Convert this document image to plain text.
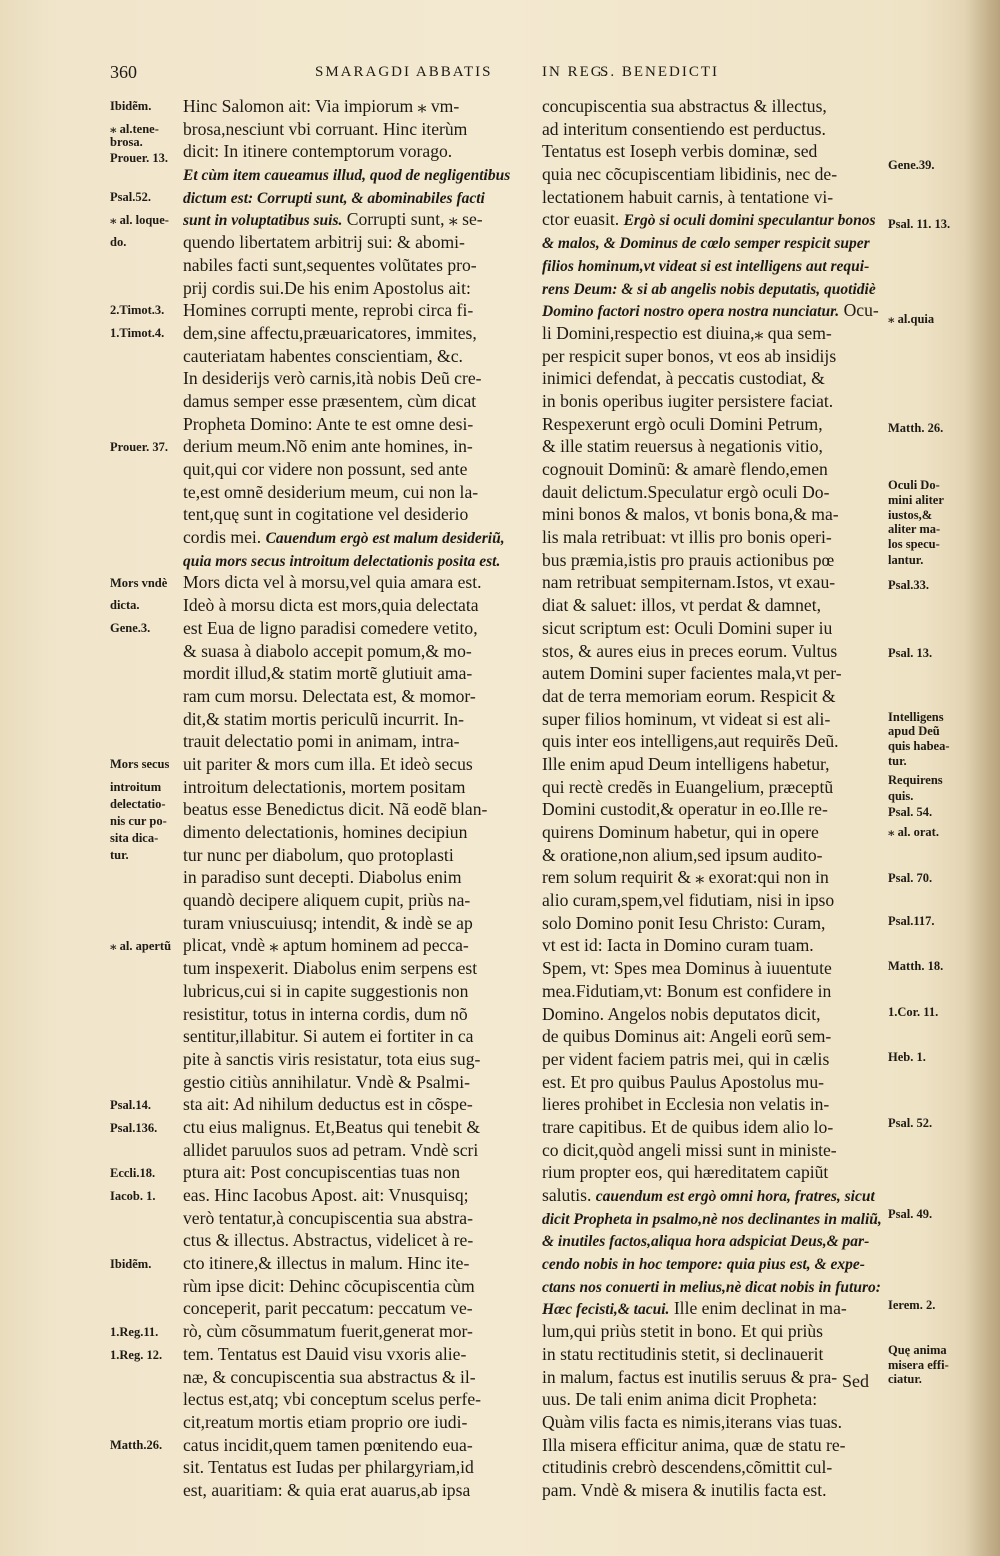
360	SMARAGDI ABBATIS	IN REG.
S. BENEDICTI
Ibidẽm.
⁎ al.tene-
brosa.
Prouer. 13.
Psal.52.
⁎ al. loque-
do.
2.Timot.3.
1.Timot.4.
Prouer. 37.
Mors vndè
dicta.
Gene.3.
Mors secus
introitum
delectatio-
nis cur po-
sita dica-
tur.
⁎ al. apertũ
Psal.14.
Psal.136.
Eccli.18.
Iacob. 1.
Ibidẽm.
1.Reg.11.
1.Reg. 12.
Matth.26.
Hinc Salomon ait: Via impiorum ⁎ vm-
brosa,nesciunt vbi corruant. Hinc iterùm
dicit: In itinere contemptorum vorago.
Et cùm item caueamus illud, quod de negligentibus
dictum est: Corrupti sunt, & abominabiles facti
sunt in voluptatibus suis. Corrupti sunt, ⁎ se-
quendo libertatem arbitrij sui: & abomi-
nabiles facti sunt,sequentes volũtates pro-
prij cordis sui.De his enim Apostolus ait:
Homines corrupti mente, reprobi circa fi-
dem,sine affectu,præuaricatores, immites,
cauteriatam habentes conscientiam, &c.
In desiderijs verò carnis,ità nobis Deũ cre-
damus semper esse præsentem, cùm dicat
Propheta Domino: Ante te est omne desi-
derium meum.Nõ enim ante homines, in-
quit,qui cor videre non possunt, sed ante
te,est omnẽ desiderium meum, cui non la-
tent,quę sunt in cogitatione vel desiderio
cordis mei. Cauendum ergò est malum desideriũ,
quia mors secus introitum delectationis posita est.
Mors dicta vel à morsu,vel quia amara est.
Ideò à morsu dicta est mors,quia delectata
est Eua de ligno paradisi comedere vetito,
& suasa à diabolo accepit pomum,& mo-
mordit illud,& statim mortẽ glutiuit ama-
ram cum morsu. Delectata est, & momor-
dit,& statim mortis periculũ incurrit. In-
trauit delectatio pomi in animam, intra-
uit pariter & mors cum illa. Et ideò secus
introitum delectationis, mortem positam
beatus esse Benedictus dicit. Nã eodẽ blan-
dimento delectationis, homines decipiun
tur nunc per diabolum, quo protoplasti
in paradiso sunt decepti. Diabolus enim
quandò decipere aliquem cupit, priùs na-
turam vniuscuiusq; intendit, & indè se ap
plicat, vndè ⁎ aptum hominem ad pecca-
tum inspexerit. Diabolus enim serpens est
lubricus,cui si in capite suggestionis non
resistitur, totus in interna cordis, dum nõ
sentitur,illabitur. Si autem ei fortiter in ca
pite à sanctis viris resistatur, tota eius sug-
gestio citiùs annihilatur. Vndè & Psalmi-
sta ait: Ad nihilum deductus est in cõspe-
ctu eius malignus. Et,Beatus qui tenebit &
allidet paruulos suos ad petram. Vndè scri
ptura ait: Post concupiscentias tuas non
eas. Hinc Iacobus Apost. ait: Vnusquisq;
verò tentatur,à concupiscentia sua abstra-
ctus & illectus. Abstractus, videlicet à re-
cto itinere,& illectus in malum. Hinc ite-
rùm ipse dicit: Dehinc cõcupiscentia cùm
conceperit, parit peccatum: peccatum ve-
rò, cùm cõsummatum fuerit,generat mor-
tem. Tentatus est Dauid visu vxoris alie-
næ, & concupiscentia sua abstractus & il-
lectus est,atq; vbi conceptum scelus perfe-
cit,reatum mortis etiam proprio ore iudi-
catus incidit,quem tamen pœnitendo eua-
sit. Tentatus est Iudas per philargyriam,id
est, auaritiam: & quia erat auarus,ab ipsa
concupiscentia sua abstractus & illectus,
ad interitum consentiendo est perductus.
Tentatus est Ioseph verbis dominæ, sed
quia nec cõcupiscentiam libidinis, nec de-
lectationem habuit carnis, à tentatione vi-
ctor euasit. Ergò si oculi domini speculantur bonos
& malos, & Dominus de cœlo semper respicit super
filios hominum,vt videat si est intelligens aut requi-
rens Deum: & si ab angelis nobis deputatis, quotidiè
Domino factori nostro opera nostra nunciatur. Ocu-
li Domini,respectio est diuina,⁎ qua sem-
per respicit super bonos, vt eos ab insidijs
inimici defendat, à peccatis custodiat, &
in bonis operibus iugiter persistere faciat.
Respexerunt ergò oculi Domini Petrum,
& ille statim reuersus à negationis vitio,
cognouit Dominũ: & amarè flendo,emen
dauit delictum.Speculatur ergò oculi Do-
mini bonos & malos, vt bonis bona,& ma-
lis mala retribuat: vt illis pro bonis operi-
bus præmia,istis pro prauis actionibus pœ
nam retribuat sempiternam.Istos, vt exau-
diat & saluet: illos, vt perdat & damnet,
sicut scriptum est: Oculi Domini super iu
stos, & aures eius in preces eorum. Vultus
autem Domini super facientes mala,vt per-
dat de terra memoriam eorum. Respicit &
super filios hominum, vt videat si est ali-
quis inter eos intelligens,aut requirẽs Deũ.
Ille enim apud Deum intelligens habetur,
qui rectè credẽs in Euangelium, præceptũ
Domini custodit,& operatur in eo.Ille re-
quirens Dominum habetur, qui in opere
& oratione,non alium,sed ipsum audito-
rem solum requirit & ⁎ exorat:qui non in
alio curam,spem,vel fidutiam, nisi in ipso
solo Domino ponit Iesu Christo: Curam,
vt est id: Iacta in Domino curam tuam.
Spem, vt: Spes mea Dominus à iuuentute
mea.Fidutiam,vt: Bonum est confidere in
Domino. Angelos nobis deputatos dicit,
de quibus Dominus ait: Angeli eorũ sem-
per vident faciem patris mei, qui in cælis
est. Et pro quibus Paulus Apostolus mu-
lieres prohibet in Ecclesia non velatis in-
trare capitibus. Et de quibus idem alio lo-
co dicit,quòd angeli missi sunt in ministe-
rium propter eos, qui hæreditatem capiũt
salutis. cauendum est ergò omni hora, fratres, sicut
dicit Propheta in psalmo,nè nos declinantes in maliũ,
& inutiles factos,aliqua hora adspiciat Deus,& par-
cendo nobis in hoc tempore: quia pius est, & expe-
ctans nos conuerti in melius,nè dicat nobis in futuro:
Hæc fecisti,& tacui. Ille enim declinat in ma-
lum,qui priùs stetit in bono. Et qui priùs
in statu rectitudinis stetit, si declinauerit
in malum, factus est inutilis seruus & pra-
uus. De tali enim anima dicit Propheta:
Quàm vilis facta es nimis,iterans vias tuas.
Illa misera efficitur anima, quæ de statu re-
ctitudinis crebrò descendens,cõmittit cul-
pam. Vndè & misera & inutilis facta est.
Gene.39.
Psal. 11. 13.
⁎ al.quia
Matth. 26.
Oculi Do-
mini aliter
iustos,&
aliter ma-
los specu-
lantur.
Psal.33.
Psal. 13.
Intelligens
apud Deũ
quis habea-
tur.
Requirens
quis.
Psal. 54.
⁎ al. orat.
Psal. 70.
Psal.117.
Matth. 18.
1.Cor. 11.
Heb. 1.
Psal. 52.
Psal. 49.
Ierem. 2.
Quę anima
misera effi-
ciatur.
Sed
